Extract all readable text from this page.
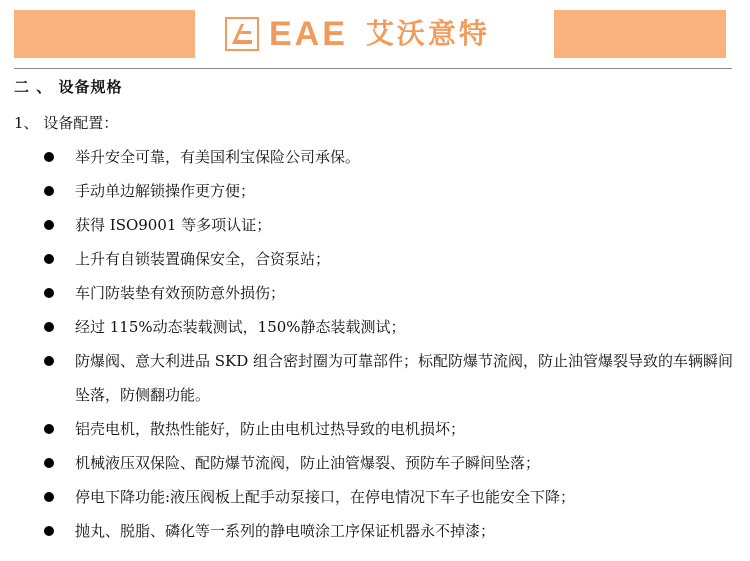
EAE 艾沃意特
二 、 设备规格
1、 设备配置：
举升安全可靠，有美国利宝保险公司承保。
手动单边解锁操作更方便；
获得 ISO9001 等多项认证；
上升有自锁装置确保安全，合资泵站；
车门防装垫有效预防意外损伤；
经过 115%动态装载测试，150%静态装载测试；
防爆阀、意大利进品 SKD 组合密封圈为可靠部件；标配防爆节流阀，防止油管爆裂导致的车辆瞬间坠落，防侧翻功能。
铝壳电机，散热性能好，防止由电机过热导致的电机损坏；
机械液压双保险、配防爆节流阀，防止油管爆裂、预防车子瞬间坠落；
停电下降功能:液压阀板上配手动泵接口，在停电情况下车子也能安全下降；
抛丸、脱脂、磷化等一系列的静电喷涂工序保证机器永不掉漆；
